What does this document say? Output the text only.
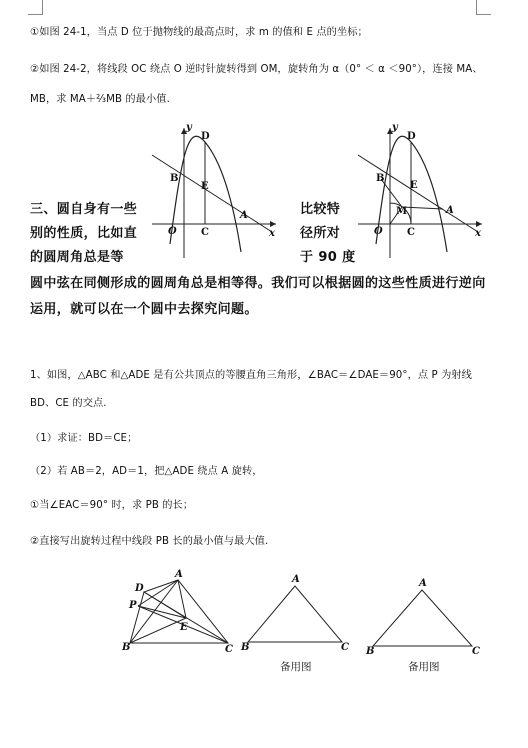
①如图 24-1，当点 D 位于抛物线的最高点时，求 m 的值和 E 点的坐标；
②如图 24-2，将线段 OC 绕点 O 逆时针旋转得到 OM，旋转角为 α（0° ＜ α ＜90°），连接 MA、
MB，求 MA＋⅔MB 的最小值.
y
D
B
E
O C
A
x
y
D
B
E
M
O C
A
x
三、圆自身有一些	比较特
别的性质，比如直	径所对
的圆周角总是等	于 90 度
圆中弦在同侧形成的圆周角总是相等得。我们可以根据圆的这些性质进行逆向
运用，就可以在一个圆中去探究问题。
1、如图，△ABC 和△ADE 是有公共顶点的等腰直角三角形，∠BAC＝∠DAE＝90°，点 P 为射线
BD、CE 的交点.
（1）求证：BD＝CE；
（2）若 AB＝2，AD＝1，把△ADE 绕点 A 旋转，
①当∠EAC＝90° 时，求 PB 的长；
②直接写出旋转过程中线段 PB 长的最小值与最大值.
D
A
P
E
B	C
A
B	C
备用图
A
B	C
备用图
